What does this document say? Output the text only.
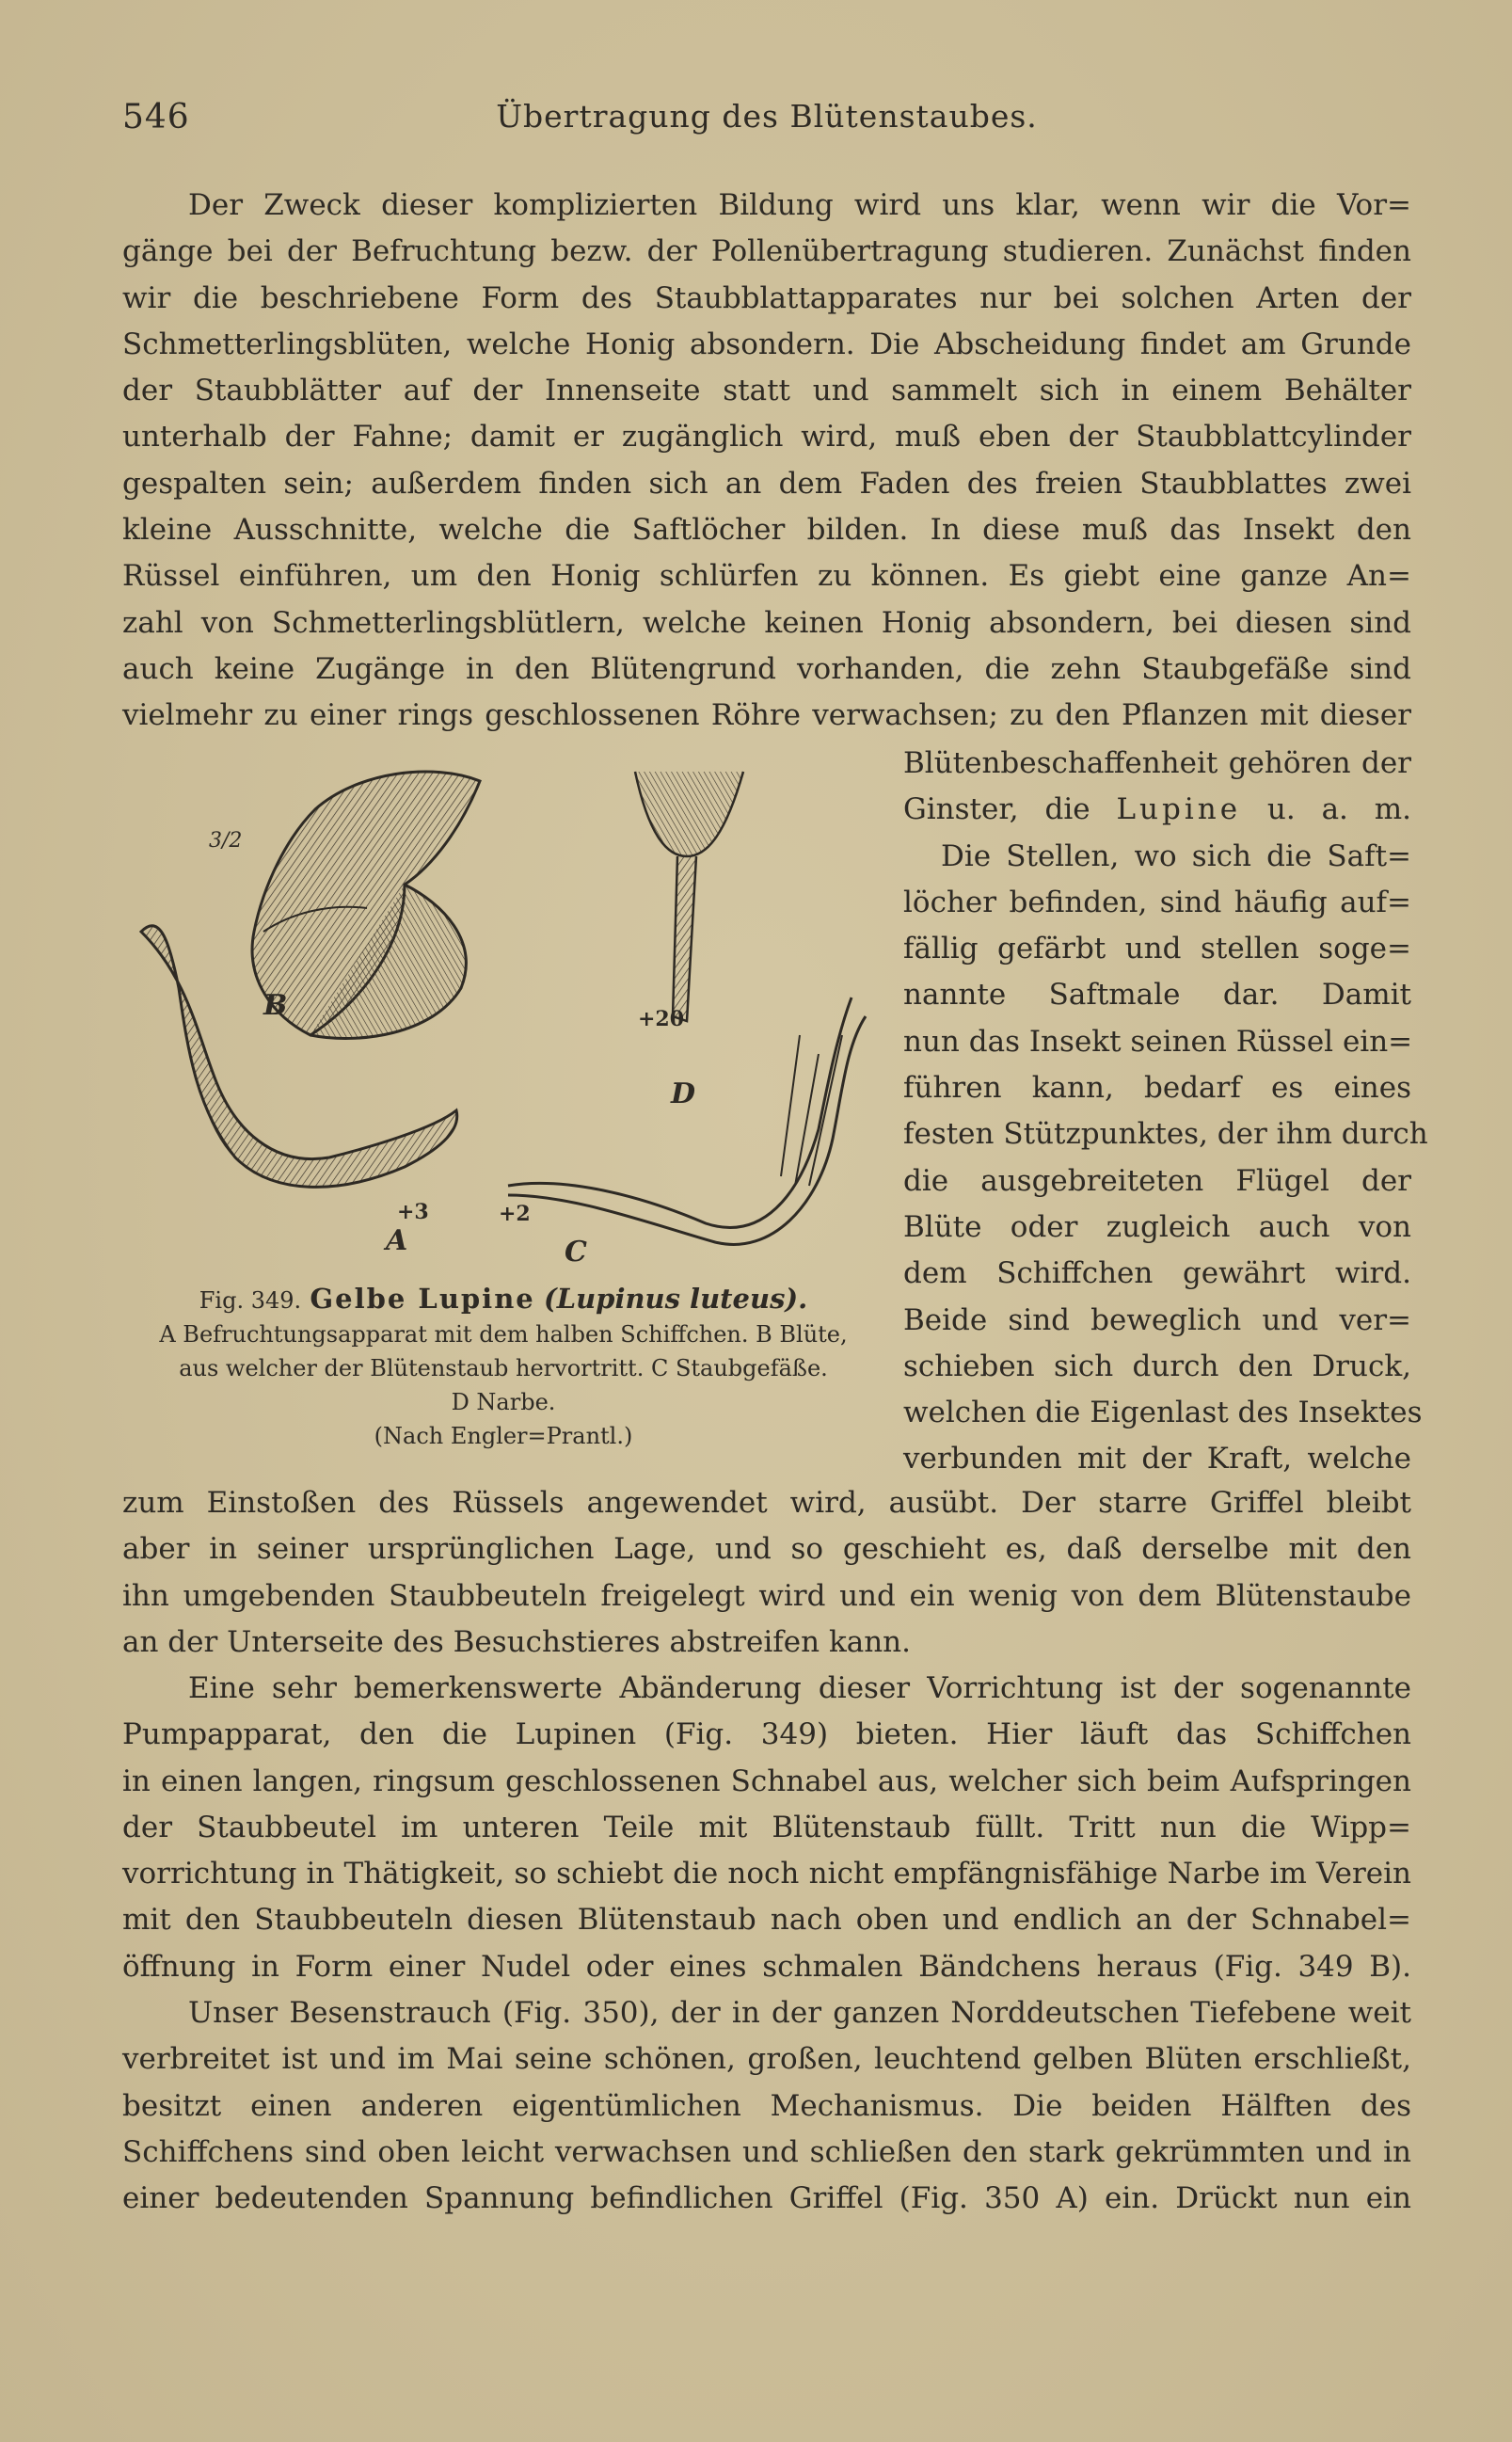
546	Übertragung des Blütenstaubes.
Der Zweck dieser komplizierten Bildung wird uns klar, wenn wir die Vor=
gänge bei der Befruchtung bezw. der Pollenübertragung studieren. Zunächst finden
wir die beschriebene Form des Staubblattapparates nur bei solchen Arten der
Schmetterlingsblüten, welche Honig absondern. Die Abscheidung findet am Grunde
der Staubblätter auf der Innenseite statt und sammelt sich in einem Behälter
unterhalb der Fahne; damit er zugänglich wird, muß eben der Staubblattcylinder
gespalten sein; außerdem finden sich an dem Faden des freien Staubblattes zwei
kleine Ausschnitte, welche die Saftlöcher bilden. In diese muß das Insekt den
Rüssel einführen, um den Honig schlürfen zu können. Es giebt eine ganze An=
zahl von Schmetterlingsblütlern, welche keinen Honig absondern, bei diesen sind
auch keine Zugänge in den Blütengrund vorhanden, die zehn Staubgefäße sind
vielmehr zu einer rings geschlossenen Röhre verwachsen; zu den Pflanzen mit dieser
3/2
B
A	C
D
+3	+2
+20
Fig. 349. Gelbe Lupine (Lupinus luteus).
A Befruchtungsapparat mit dem halben Schiffchen. B Blüte,
aus welcher der Blütenstaub hervortritt. C Staubgefäße.
D Narbe.
(Nach Engler=Prantl.)
Blütenbeschaffenheit gehören der
Ginster, die Lupine u. a. m.
Die Stellen, wo sich die Saft=
löcher befinden, sind häufig auf=
fällig gefärbt und stellen soge=
nannte Saftmale dar. Damit
nun das Insekt seinen Rüssel ein=
führen kann, bedarf es eines
festen Stützpunktes, der ihm durch
die ausgebreiteten Flügel der
Blüte oder zugleich auch von
dem Schiffchen gewährt wird.
Beide sind beweglich und ver=
schieben sich durch den Druck,
welchen die Eigenlast des Insektes
verbunden mit der Kraft, welche
zum Einstoßen des Rüssels angewendet wird, ausübt. Der starre Griffel bleibt
aber in seiner ursprünglichen Lage, und so geschieht es, daß derselbe mit den
ihn umgebenden Staubbeuteln freigelegt wird und ein wenig von dem Blütenstaube
an der Unterseite des Besuchstieres abstreifen kann.
Eine sehr bemerkenswerte Abänderung dieser Vorrichtung ist der sogenannte
Pumpapparat, den die Lupinen (Fig. 349) bieten. Hier läuft das Schiffchen
in einen langen, ringsum geschlossenen Schnabel aus, welcher sich beim Aufspringen
der Staubbeutel im unteren Teile mit Blütenstaub füllt. Tritt nun die Wipp=
vorrichtung in Thätigkeit, so schiebt die noch nicht empfängnisfähige Narbe im Verein
mit den Staubbeuteln diesen Blütenstaub nach oben und endlich an der Schnabel=
öffnung in Form einer Nudel oder eines schmalen Bändchens heraus (Fig. 349 B).
Unser Besenstrauch (Fig. 350), der in der ganzen Norddeutschen Tiefebene weit
verbreitet ist und im Mai seine schönen, großen, leuchtend gelben Blüten erschließt,
besitzt einen anderen eigentümlichen Mechanismus. Die beiden Hälften des
Schiffchens sind oben leicht verwachsen und schließen den stark gekrümmten und in
einer bedeutenden Spannung befindlichen Griffel (Fig. 350 A) ein. Drückt nun ein
